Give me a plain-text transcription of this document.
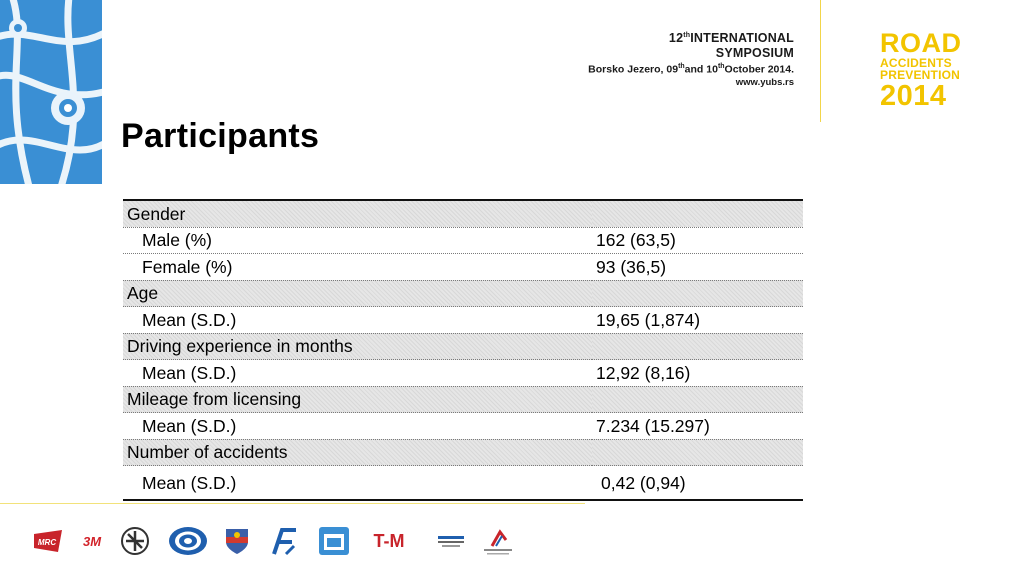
12thINTERNATIONAL
SYMPOSIUM
Borsko Jezero, 09thand 10thOctober 2014.
www.yubs.rs
ROAD
ACCIDENTS
PREVENTION
2014
Participants
Gender	
Male (%)	162 (63,5)
Female (%)	93 (36,5)
Age	
Mean (S.D.)	19,65 (1,874)
Driving experience in months	
Mean (S.D.)	12,92 (8,16)
Mileage from licensing	
Mean (S.D.)	7.234 (15.297)
Number of accidents	
Mean (S.D.)	0,42 (0,94)
MRC	3M	T-M
